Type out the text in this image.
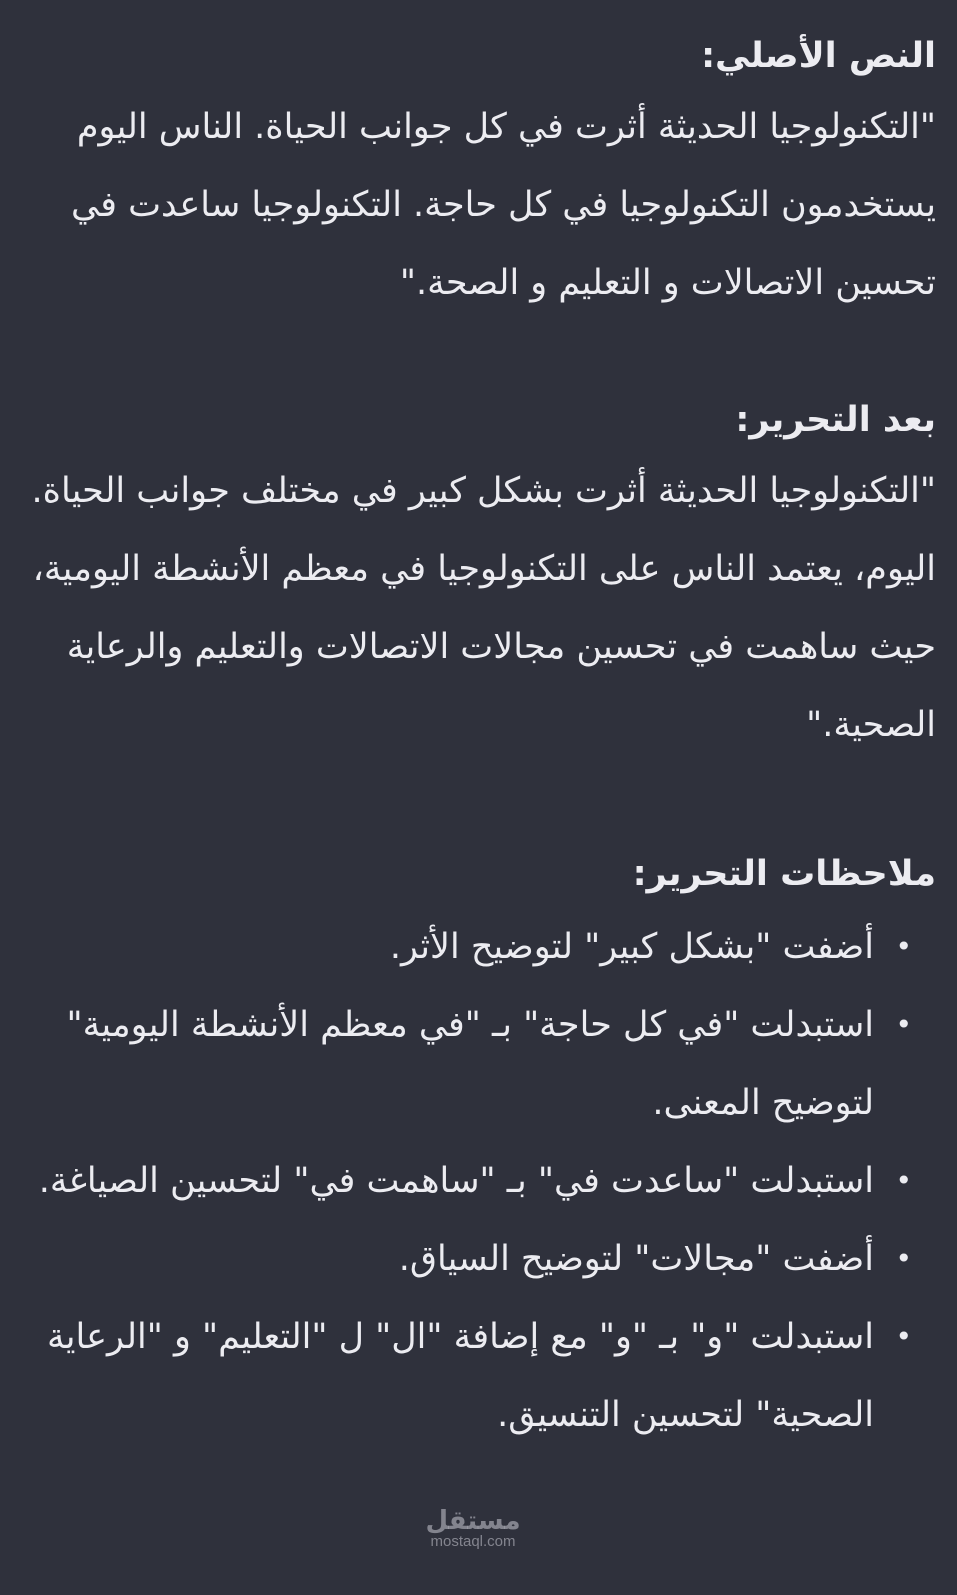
النص الأصلي:

"التكنولوجيا الحديثة أثرت في كل جوانب الحياة. الناس اليوم يستخدمون التكنولوجيا في كل حاجة. التكنولوجيا ساعدت في تحسين الاتصالات و التعليم و الصحة."

بعد التحرير:

"التكنولوجيا الحديثة أثرت بشكل كبير في مختلف جوانب الحياة. اليوم، يعتمد الناس على التكنولوجيا في معظم الأنشطة اليومية، حيث ساهمت في تحسين مجالات الاتصالات والتعليم والرعاية الصحية."

ملاحظات التحرير:
•
أضفت "بشكل كبير" لتوضيح الأثر.
•
استبدلت "في كل حاجة" بـ "في معظم الأنشطة اليومية" لتوضيح المعنى.
•
استبدلت "ساعدت في" بـ "ساهمت في" لتحسين الصياغة.
•
أضفت "مجالات" لتوضيح السياق.
•
استبدلت "و" بـ "و" مع إضافة "ال" ل "التعليم" و "الرعاية الصحية" لتحسين التنسيق.
مستقل
mostaql.com
